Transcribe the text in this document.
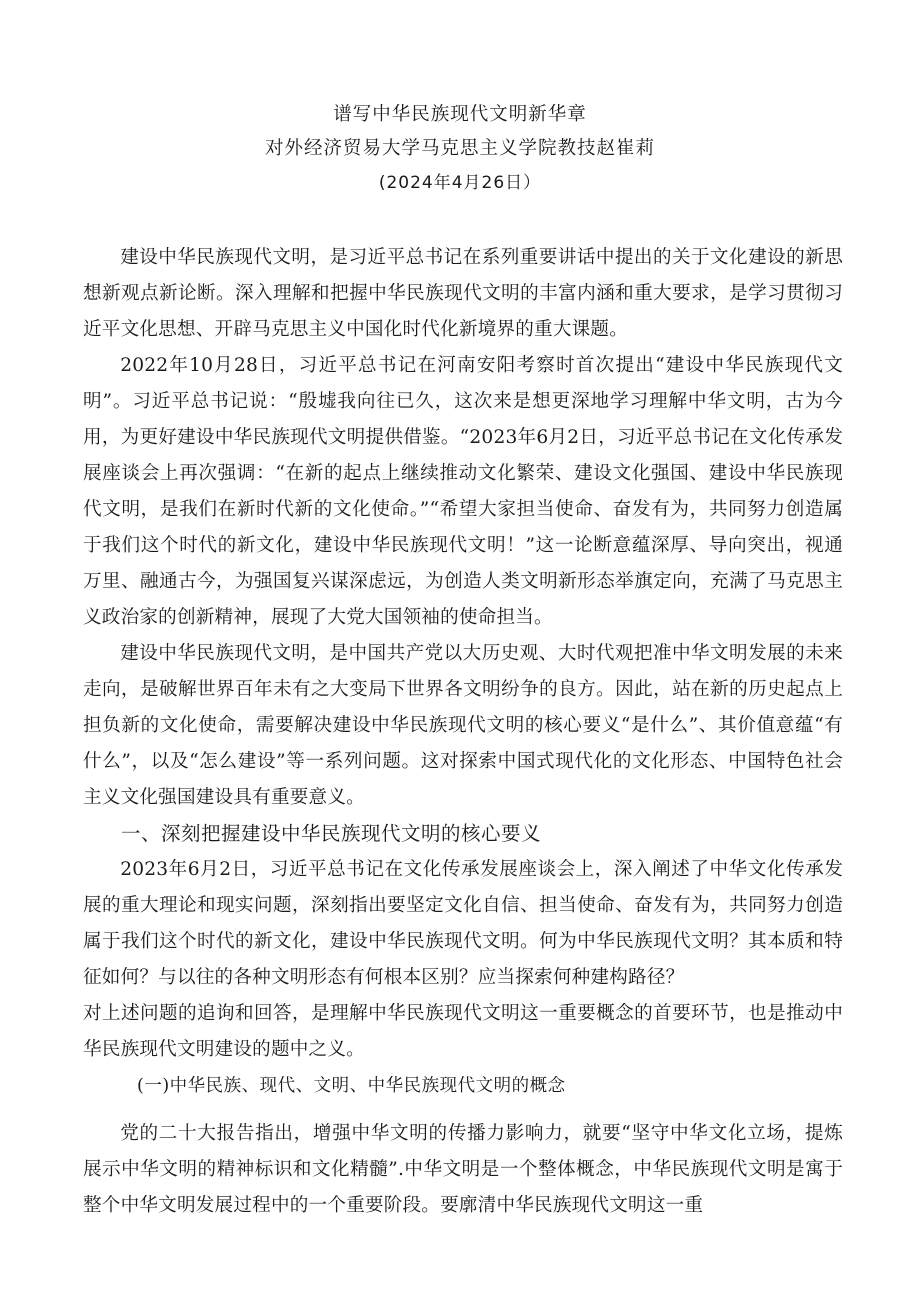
谱写中华民族现代文明新华章
对外经济贸易大学马克思主义学院教技赵崔莉
(2024年4月26日）

建设中华民族现代文明，是习近平总书记在系列重要讲话中提出的关于文化建设的新思想新观点新论断。深入理解和把握中华民族现代文明的丰富内涵和重大要求，是学习贯彻习近平文化思想、开辟马克思主义中国化时代化新境界的重大课题。

2022年10月28日，习近平总书记在河南安阳考察时首次提出“建设中华民族现代文明”。习近平总书记说：“殷墟我向往已久，这次来是想更深地学习理解中华文明，古为今用，为更好建设中华民族现代文明提供借鉴。“2023年6月2日，习近平总书记在文化传承发展座谈会上再次强调：“在新的起点上继续推动文化繁荣、建设文化强国、建设中华民族现代文明，是我们在新时代新的文化使命。”“希望大家担当使命、奋发有为，共同努力创造属于我们这个时代的新文化，建设中华民族现代文明！”这一论断意蕴深厚、导向突出，视通万里、融通古今，为强国复兴谋深虑远，为创造人类文明新形态举旗定向，充满了马克思主义政治家的创新精神，展现了大党大国领袖的使命担当。

建设中华民族现代文明，是中国共产党以大历史观、大时代观把准中华文明发展的未来走向，是破解世界百年未有之大变局下世界各文明纷争的良方。因此，站在新的历史起点上担负新的文化使命，需要解决建设中华民族现代文明的核心要义“是什么”、其价值意蕴“有什么”，以及“怎么建设”等一系列问题。这对探索中国式现代化的文化形态、中国特色社会主义文化强国建设具有重要意义。

一、深刻把握建设中华民族现代文明的核心要义

2023年6月2日，习近平总书记在文化传承发展座谈会上，深入阐述了中华文化传承发展的重大理论和现实问题，深刻指出要坚定文化自信、担当使命、奋发有为，共同努力创造属于我们这个时代的新文化，建设中华民族现代文明。何为中华民族现代文明？其本质和特征如何？与以往的各种文明形态有何根本区别？应当探索何种建构路径？

对上述问题的追询和回答，是理解中华民族现代文明这一重要概念的首要环节，也是推动中华民族现代文明建设的题中之义。

(一)中华民族、现代、文明、中华民族现代文明的概念

党的二十大报告指出，增强中华文明的传播力影响力，就要“坚守中华文化立场，提炼展示中华文明的精神标识和文化精髓”.中华文明是一个整体概念，中华民族现代文明是寓于整个中华文明发展过程中的一个重要阶段。要廓清中华民族现代文明这一重
